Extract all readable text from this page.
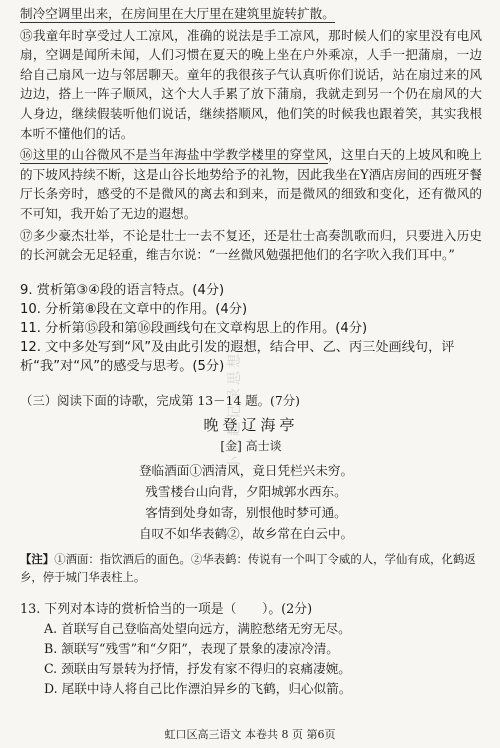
制冷空调里出来，在房间里在大厅里在建筑里旋转扩散。

⑮我童年时享受过人工凉风，准确的说法是手工凉风，那时候人们的家里没有电风扇，空调是闻所未闻，人们习惯在夏天的晚上坐在户外乘凉，人手一把蒲扇，一边给自己扇风一边与邻居聊天。童年的我很孩子气认真听你们说话，站在扇过来的风边边，搭上一阵子顺风，这个大人手累了放下蒲扇，我就走到另一个仍在扇风的大人身边，继续假装听他们说话，继续搭顺风，他们笑的时候我也跟着笑，其实我根本听不懂他们的话。

⑯这里的山谷微风不是当年海盐中学教学楼里的穿堂风，这里白天的上坡风和晚上的下坡风持续不断，这是山谷长地势给予的礼物，因此我坐在Y酒店房间的西班牙餐厅长条旁时，感受的不是微风的离去和到来，而是微风的细致和变化，还有微风的不可知，我开始了无边的遐想。

⑰多少豪杰壮举，不论是壮士一去不复还，还是壮士高奏凯歌而归，只要进入历史的长河就会无足轻重，维吉尔说：“一丝微风勉强把他们的名字吹入我们耳中。”

9. 赏析第③④段的语言特点。(4分)

10. 分析第⑧段在文章中的作用。(4分)

11. 分析第⑮段和第⑯段画线句在文章构思上的作用。(4分)

12. 文中多处写到“风”及由此引发的遐想，结合甲、乙、丙三处画线句，评析“我”对“风”的感受与思考。(5分)

（三）阅读下面的诗歌，完成第 13－14 题。(7分)

晚登辽海亭

[金] 高士谈

登临酒面①洒清风，竟日凭栏兴未穷。

残雪楼台山向背，夕阳城郭水西东。

客情到处身如寄，别恨他时梦可通。

自叹不如华表鹤②，故乡常在白云中。

【注】①酒面：指饮酒后的面色。②华表鹤：传说有一个叫丁令威的人，学仙有成，化鹤返乡，停于城门华表柱上。

13. 下列对本诗的赏析恰当的一项是（　　）。(2分)

A. 首联写自己登临高处望向远方，满腔愁绪无穷无尽。

B. 颔联写“残雪”和“夕阳”，表现了景象的凄凉冷清。

C. 颈联由写景转为抒情，抒发有家不得归的哀痛凄婉。

D. 尾联中诗人将自己比作漂泊异乡的飞鹤，归心似箭。

小兴趣记录思想
虹口区高三语文 本卷共 8 页 第6页
